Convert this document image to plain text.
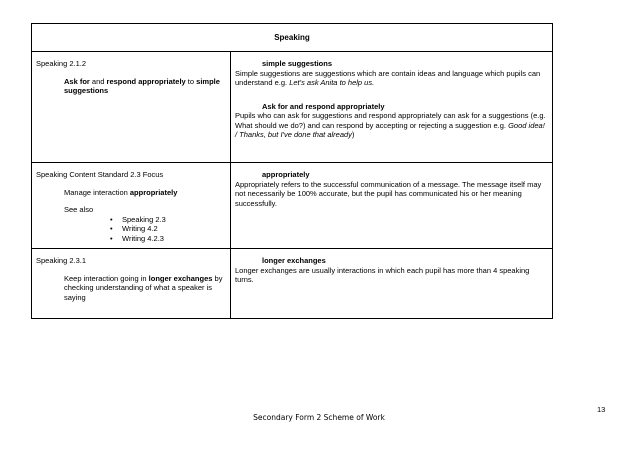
Speaking
Speaking 2.1.2
Ask for and respond appropriately to simple suggestions
simple suggestions
Simple suggestions are suggestions which are contain ideas and language which pupils can understand e.g. Let's ask Anita to help us.
Ask for and respond appropriately
Pupils who can ask for suggestions and respond appropriately can ask for a suggestions (e.g. What should we do?) and can respond by accepting or rejecting a suggestion e.g. Good idea! / Thanks, but I've done that already)
Speaking Content Standard 2.3 Focus
Manage interaction appropriately
See also
• Speaking 2.3
• Writing 4.2
• Writing 4.2.3
appropriately
Appropriately refers to the successful communication of a message. The message itself may not necessarily be 100% accurate, but the pupil has communicated his or her meaning successfully.
Speaking 2.3.1
Keep interaction going in longer exchanges by checking understanding of what a speaker is saying
longer exchanges
Longer exchanges are usually interactions in which each pupil has more than 4 speaking turns.
13
Secondary Form 2 Scheme of Work
